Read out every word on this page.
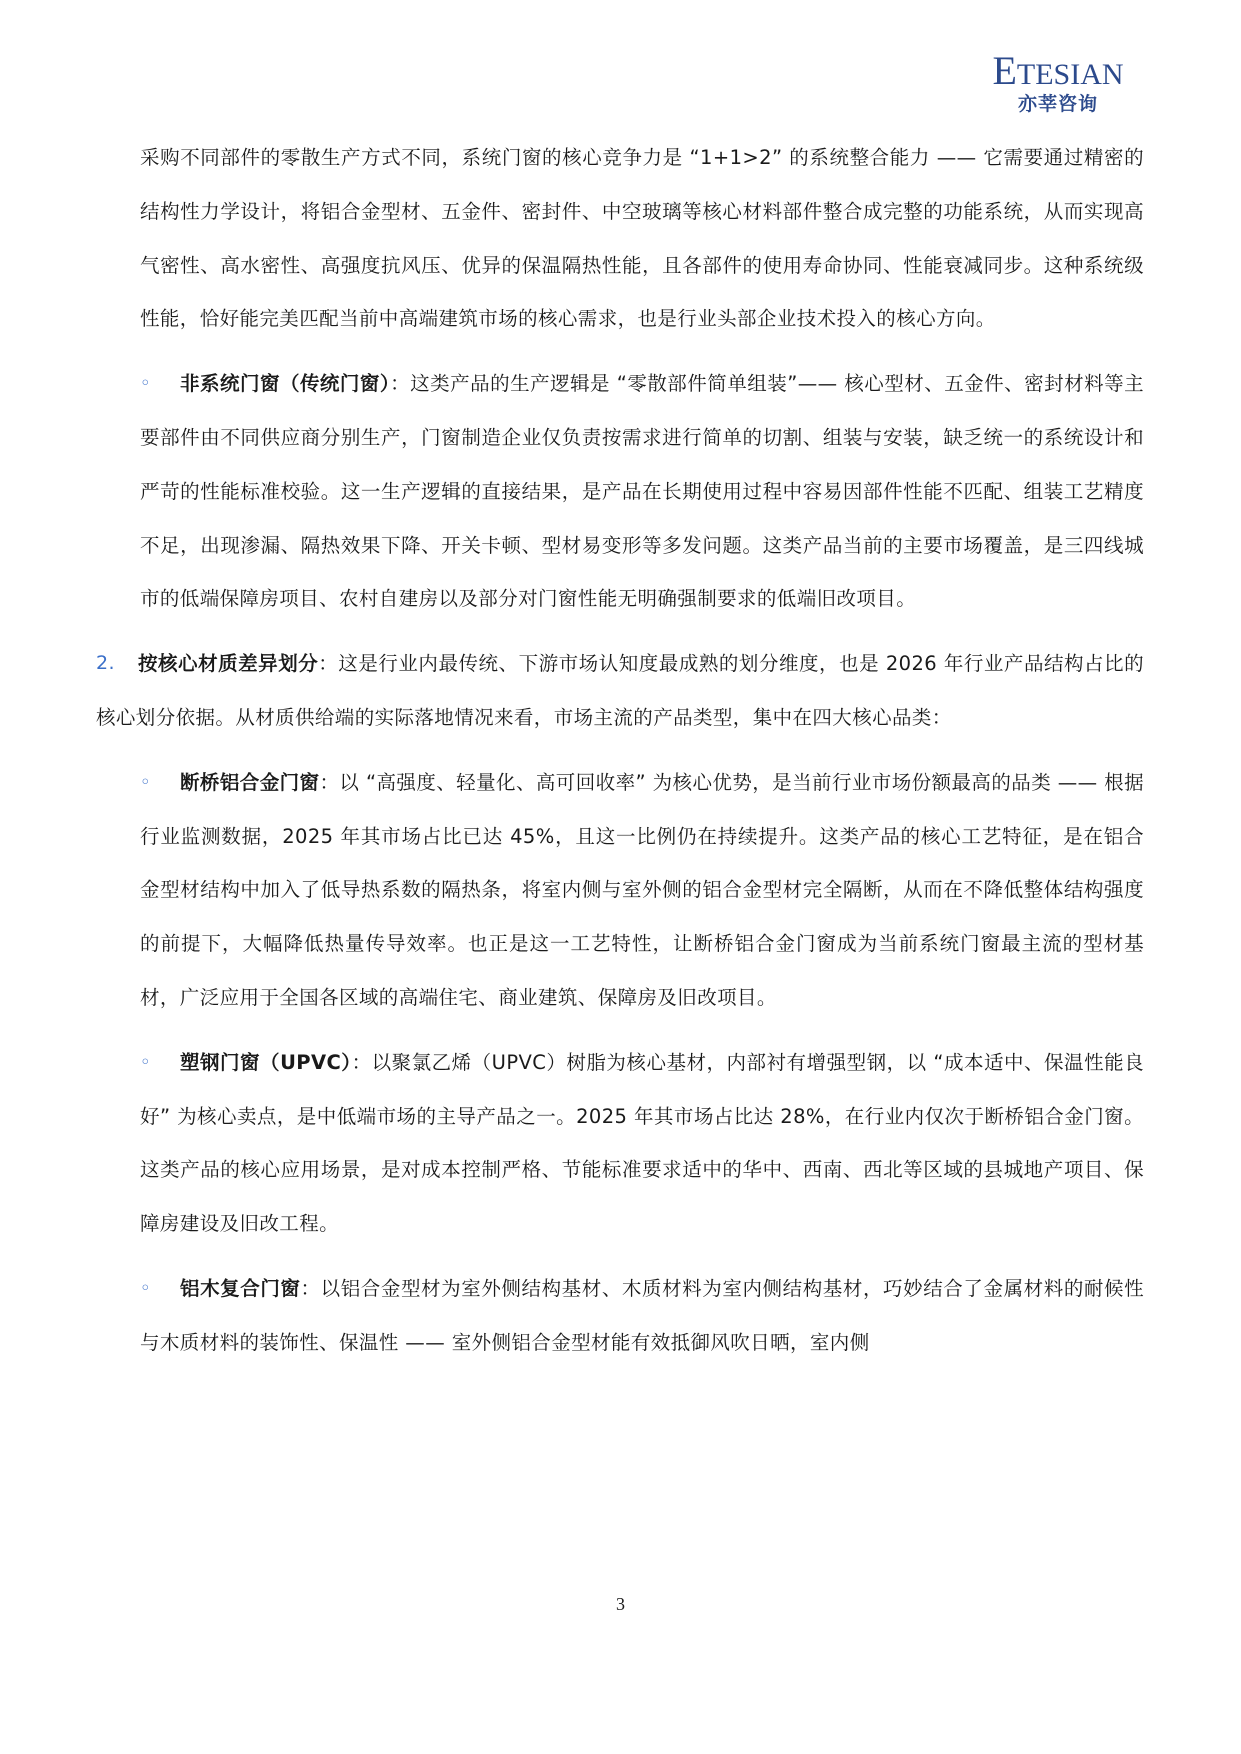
ETESIAN
亦莘咨询

采购不同部件的零散生产方式不同，系统门窗的核心竞争力是 “1+1>2” 的系统整合能力 —— 它需要通过精密的结构性力学设计，将铝合金型材、五金件、密封件、中空玻璃等核心材料部件整合成完整的功能系统，从而实现高气密性、高水密性、高强度抗风压、优异的保温隔热性能，且各部件的使用寿命协同、性能衰减同步。这种系统级性能，恰好能完美匹配当前中高端建筑市场的核心需求，也是行业头部企业技术投入的核心方向。

◦	非系统门窗（传统门窗）：这类产品的生产逻辑是 “零散部件简单组装”—— 核心型材、五金件、密封材料等主要部件由不同供应商分别生产，门窗制造企业仅负责按需求进行简单的切割、组装与安装，缺乏统一的系统设计和严苛的性能标准校验。这一生产逻辑的直接结果，是产品在长期使用过程中容易因部件性能不匹配、组装工艺精度不足，出现渗漏、隔热效果下降、开关卡顿、型材易变形等多发问题。这类产品当前的主要市场覆盖，是三四线城市的低端保障房项目、农村自建房以及部分对门窗性能无明确强制要求的低端旧改项目。

2. 按核心材质差异划分：这是行业内最传统、下游市场认知度最成熟的划分维度，也是 2026 年行业产品结构占比的核心划分依据。从材质供给端的实际落地情况来看，市场主流的产品类型，集中在四大核心品类：

◦	断桥铝合金门窗：以 “高强度、轻量化、高可回收率” 为核心优势，是当前行业市场份额最高的品类 —— 根据行业监测数据，2025 年其市场占比已达 45%，且这一比例仍在持续提升。这类产品的核心工艺特征，是在铝合金型材结构中加入了低导热系数的隔热条，将室内侧与室外侧的铝合金型材完全隔断，从而在不降低整体结构强度的前提下，大幅降低热量传导效率。也正是这一工艺特性，让断桥铝合金门窗成为当前系统门窗最主流的型材基材，广泛应用于全国各区域的高端住宅、商业建筑、保障房及旧改项目。

◦	塑钢门窗（UPVC）：以聚氯乙烯（UPVC）树脂为核心基材，内部衬有增强型钢，以 “成本适中、保温性能良好” 为核心卖点，是中低端市场的主导产品之一。2025 年其市场占比达 28%，在行业内仅次于断桥铝合金门窗。这类产品的核心应用场景，是对成本控制严格、节能标准要求适中的华中、西南、西北等区域的县城地产项目、保障房建设及旧改工程。

◦	铝木复合门窗：以铝合金型材为室外侧结构基材、木质材料为室内侧结构基材，巧妙结合了金属材料的耐候性与木质材料的装饰性、保温性 —— 室外侧铝合金型材能有效抵御风吹日晒，室内侧

3
